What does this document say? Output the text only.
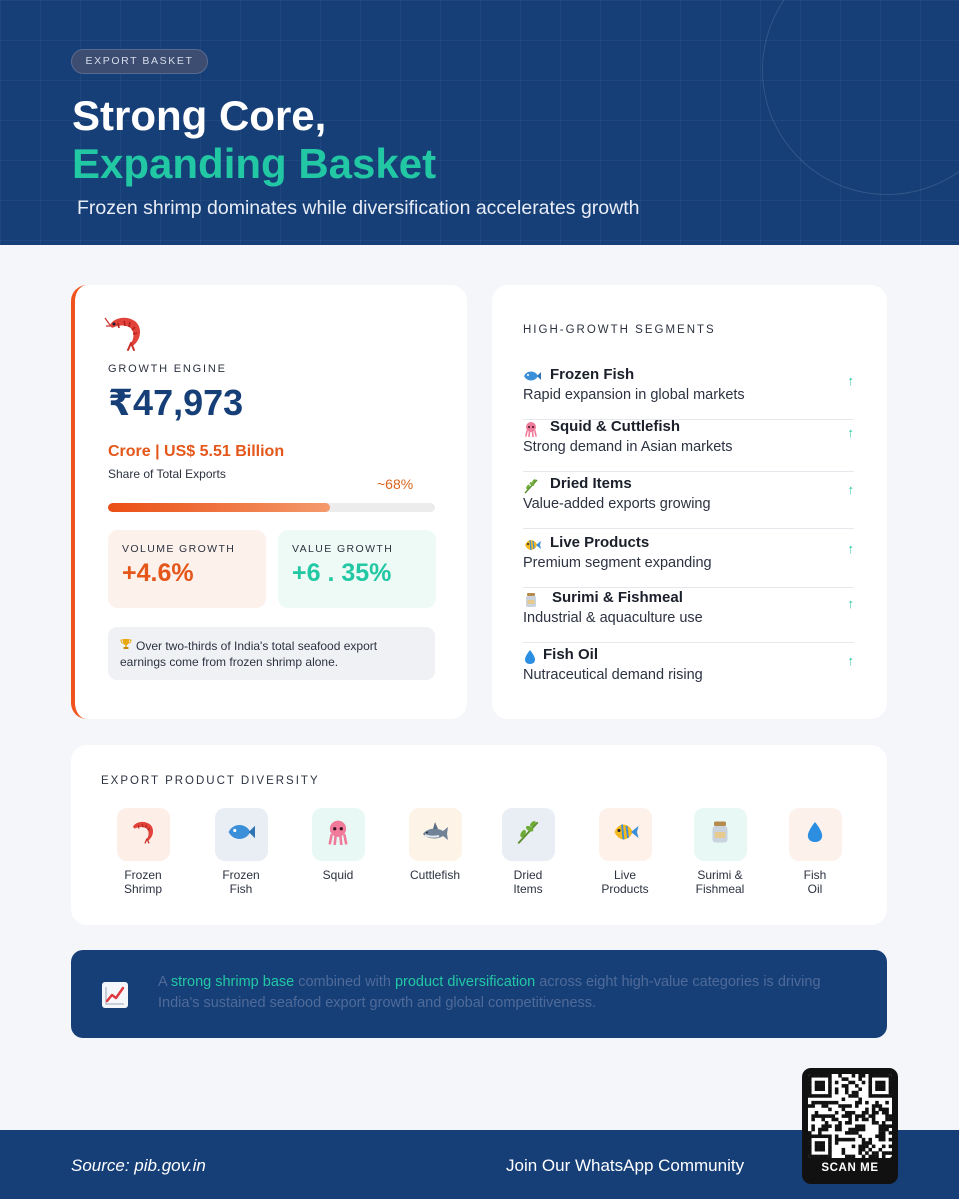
EXPORT BASKET
Strong Core,
Expanding Basket
Frozen shrimp dominates while diversification accelerates growth
GROWTH ENGINE
₹47,973
Crore | US$ 5.51 Billion
Share of Total Exports
~68%
VOLUME GROWTH
+4.6%
VALUE GROWTH
+6 . 35%
Over two-thirds of India's total seafood export earnings come from frozen shrimp alone.
HIGH-GROWTH SEGMENTS
Frozen Fish
Rapid expansion in global markets
↑
Squid & Cuttlefish
Strong demand in Asian markets
↑
Dried Items
Value-added exports growing
↑
Live Products
Premium segment expanding
↑
Surimi & Fishmeal
Industrial & aquaculture use
↑
Fish Oil
Nutraceutical demand rising
↑
EXPORT PRODUCT DIVERSITY
Frozen
Shrimp
Frozen
Fish
Squid	Cuttlefish	Dried
Items
Live
Products
Surimi &
Fishmeal
Fish
Oil
A strong shrimp base combined with product diversification across eight high-value categories is driving India's sustained seafood export growth and global competitiveness.
Source: pib.gov.in	Join Our WhatsApp Community	SCAN ME
